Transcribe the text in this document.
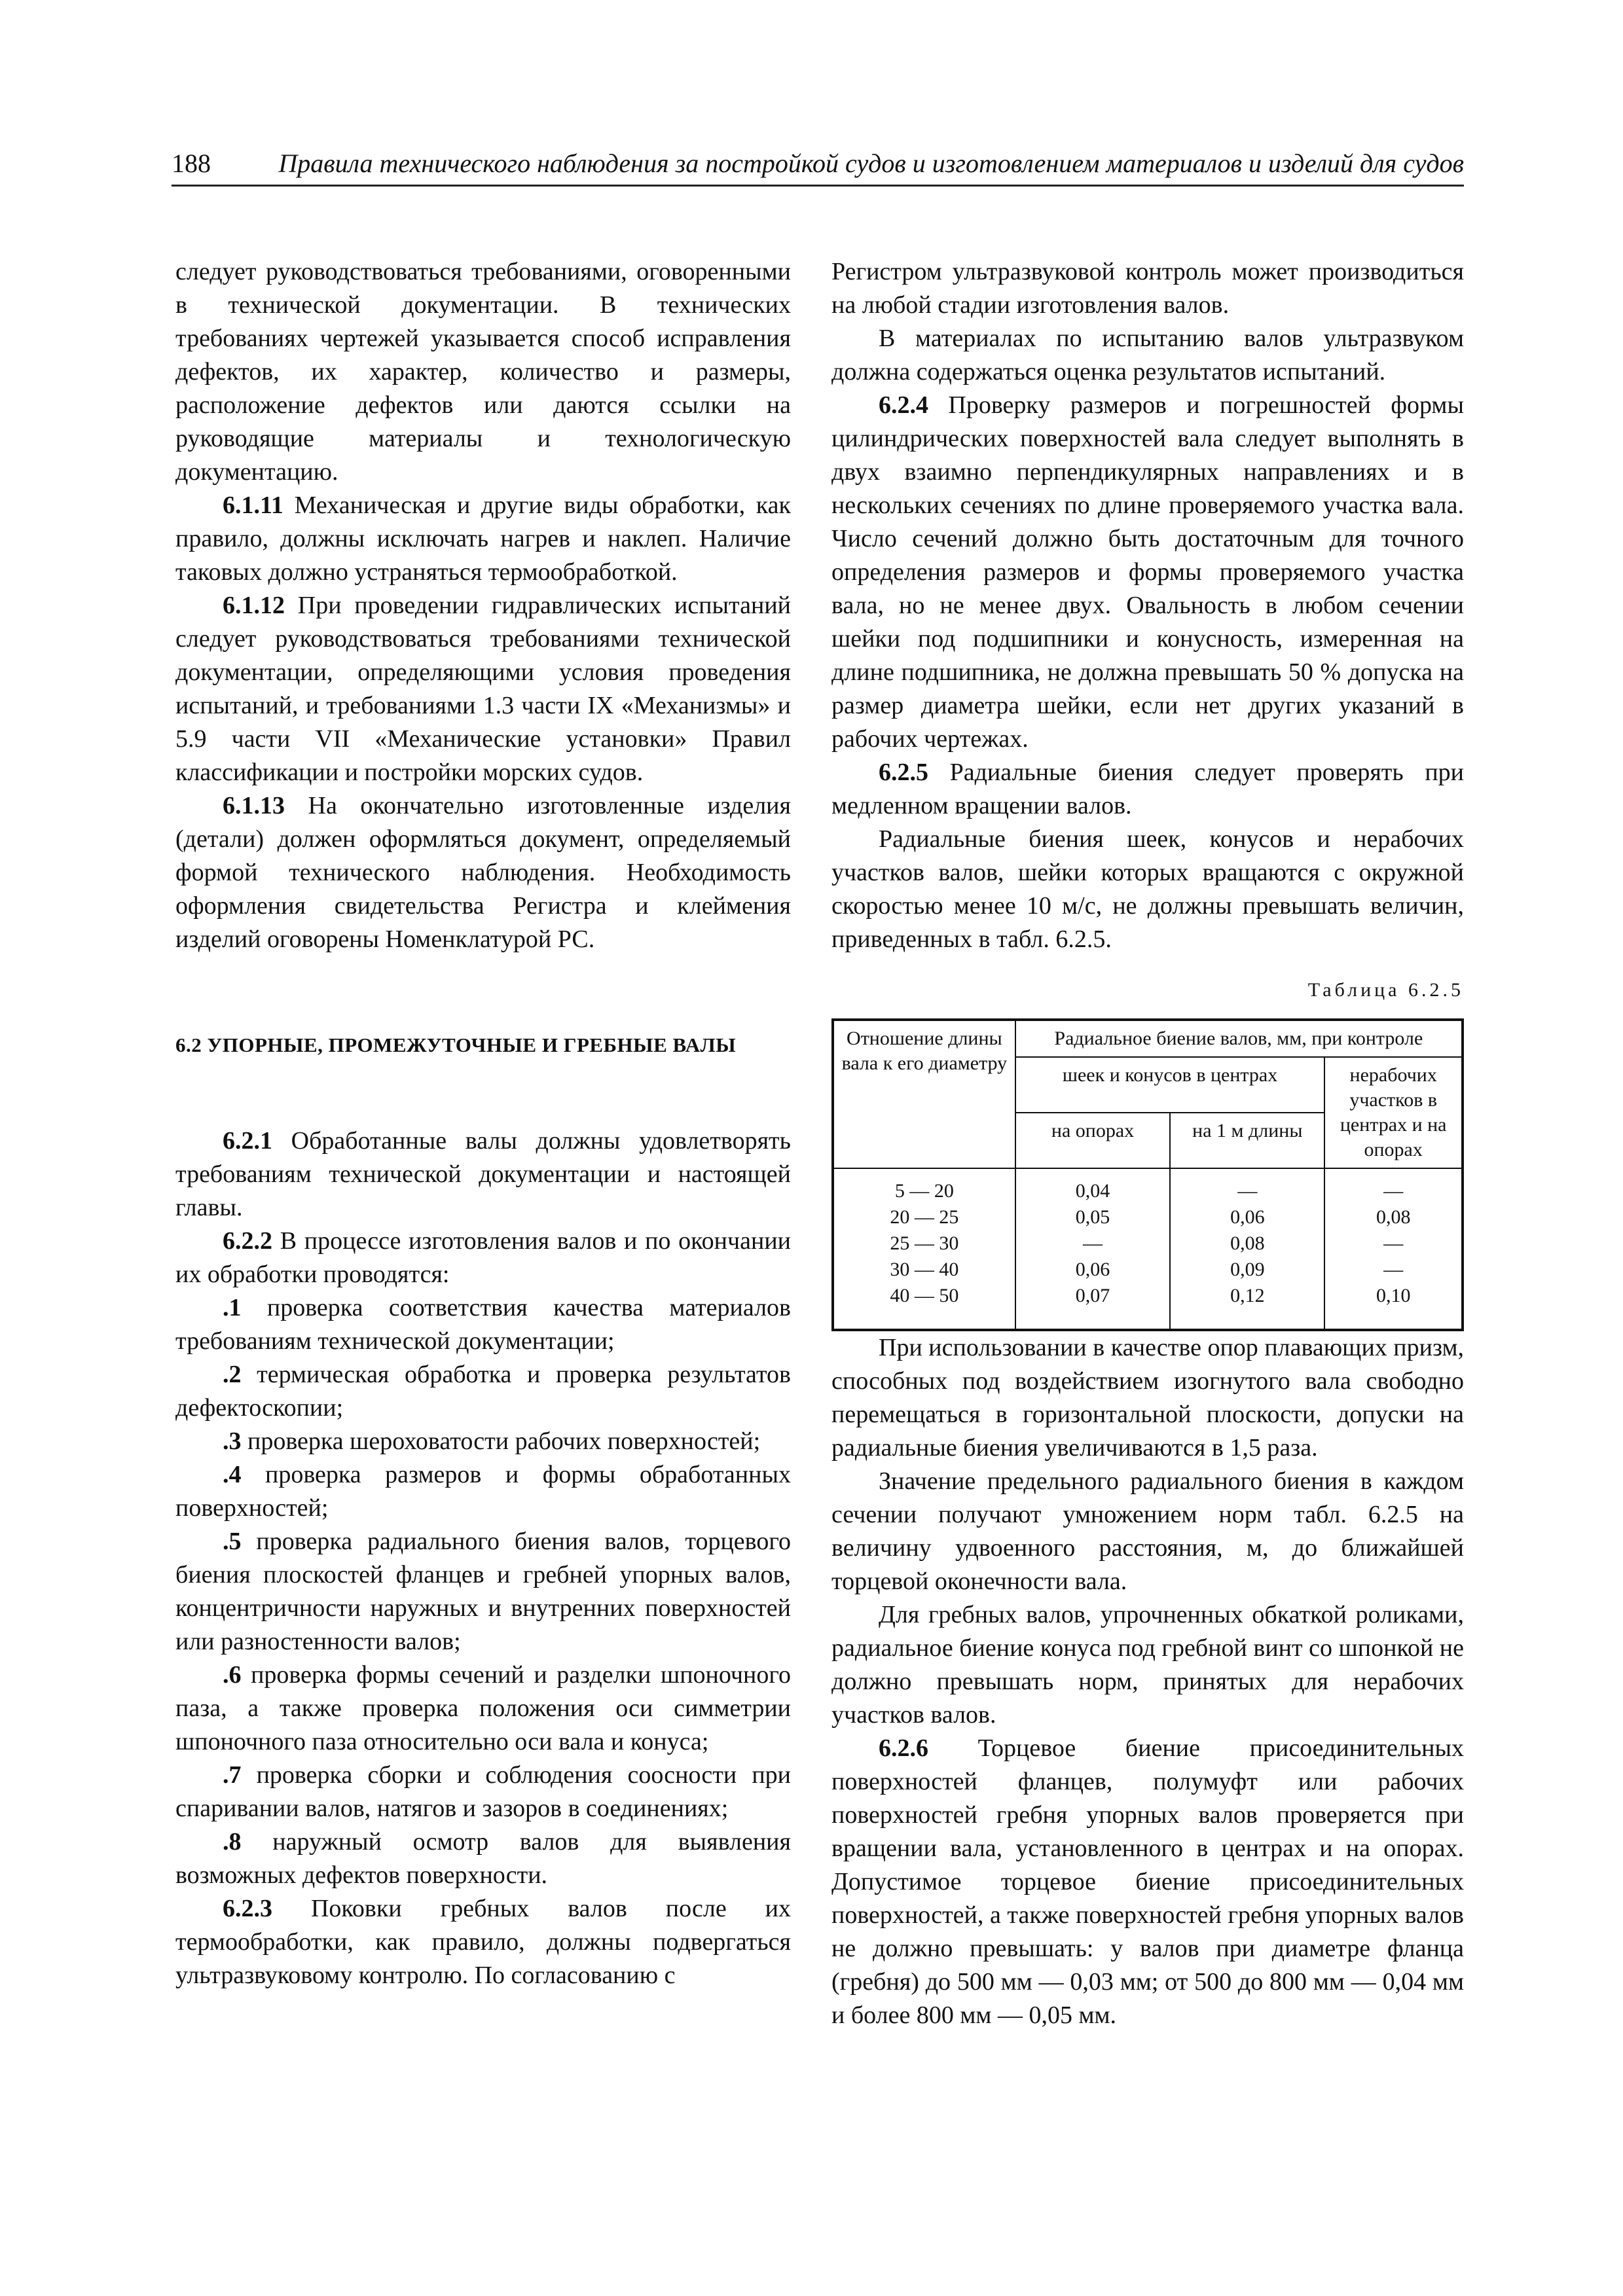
188	Правила технического наблюдения за постройкой судов и изготовлением материалов и изделий для судов

следует руководствоваться требованиями, оговоренными в технической документации. В технических требованиях чертежей указывается способ исправления дефектов, их характер, количество и размеры, расположение дефектов или даются ссылки на руководящие материалы и технологическую документацию.

6.1.11 Механическая и другие виды обработки, как правило, должны исключать нагрев и наклеп. Наличие таковых должно устраняться термообработкой.

6.1.12 При проведении гидравлических испытаний следует руководствоваться требованиями технической документации, определяющими условия проведения испытаний, и требованиями 1.3 части IX «Механизмы» и 5.9 части VII «Механические установки» Правил классификации и постройки морских судов.

6.1.13 На окончательно изготовленные изделия (детали) должен оформляться документ, определяемый формой технического наблюдения. Необходимость оформления свидетельства Регистра и клеймения изделий оговорены Номенклатурой РС.

6.2 УПОРНЫЕ, ПРОМЕЖУТОЧНЫЕ И ГРЕБНЫЕ ВАЛЫ

6.2.1 Обработанные валы должны удовлетворять требованиям технической документации и настоящей главы.

6.2.2 В процессе изготовления валов и по окончании их обработки проводятся:

.1 проверка соответствия качества материалов требованиям технической документации;

.2 термическая обработка и проверка результатов дефектоскопии;

.3 проверка шероховатости рабочих поверхностей;

.4 проверка размеров и формы обработанных поверхностей;

.5 проверка радиального биения валов, торцевого биения плоскостей фланцев и гребней упорных валов, концентричности наружных и внутренних поверхностей или разностенности валов;

.6 проверка формы сечений и разделки шпоночного паза, а также проверка положения оси симметрии шпоночного паза относительно оси вала и конуса;

.7 проверка сборки и соблюдения соосности при спаривании валов, натягов и зазоров в соединениях;

.8 наружный осмотр валов для выявления возможных дефектов поверхности.

6.2.3 Поковки гребных валов после их термообработки, как правило, должны подвергаться ультразвуковому контролю. По согласованию с

Регистром ультразвуковой контроль может производиться на любой стадии изготовления валов.

В материалах по испытанию валов ультразвуком должна содержаться оценка результатов испытаний.

6.2.4 Проверку размеров и погрешностей формы цилиндрических поверхностей вала следует выполнять в двух взаимно перпендикулярных направлениях и в нескольких сечениях по длине проверяемого участка вала. Число сечений должно быть достаточным для точного определения размеров и формы проверяемого участка вала, но не менее двух. Овальность в любом сечении шейки под подшипники и конусность, измеренная на длине подшипника, не должна превышать 50 % допуска на размер диаметра шейки, если нет других указаний в рабочих чертежах.

6.2.5 Радиальные биения следует проверять при медленном вращении валов.

Радиальные биения шеек, конусов и нерабочих участков валов, шейки которых вращаются с окружной скоростью менее 10 м/с, не должны превышать величин, приведенных в табл. 6.2.5.

Таблица 6.2.5
Отношение длины вала к его диаметру	Радиальное биение валов, мм, при контроле		
	шеек и конусов в центрах		нерабочих участков в центрах и на опорах
	на опорах	на 1 м длины	
5 — 20	0,04	—	—
20 — 25	0,05	0,06	0,08
25 — 30	—	0,08	—
30 — 40	0,06	0,09	—
40 — 50	0,07	0,12	0,10

При использовании в качестве опор плавающих призм, способных под воздействием изогнутого вала свободно перемещаться в горизонтальной плоскости, допуски на радиальные биения увеличиваются в 1,5 раза.

Значение предельного радиального биения в каждом сечении получают умножением норм табл. 6.2.5 на величину удвоенного расстояния, м, до ближайшей торцевой оконечности вала.

Для гребных валов, упрочненных обкаткой роликами, радиальное биение конуса под гребной винт со шпонкой не должно превышать норм, принятых для нерабочих участков валов.

6.2.6 Торцевое биение присоединительных поверхностей фланцев, полумуфт или рабочих поверхностей гребня упорных валов проверяется при вращении вала, установленного в центрах и на опорах. Допустимое торцевое биение присоединительных поверхностей, а также поверхностей гребня упорных валов не должно превышать: у валов при диаметре фланца (гребня) до 500 мм — 0,03 мм; от 500 до 800 мм — 0,04 мм и более 800 мм — 0,05 мм.
